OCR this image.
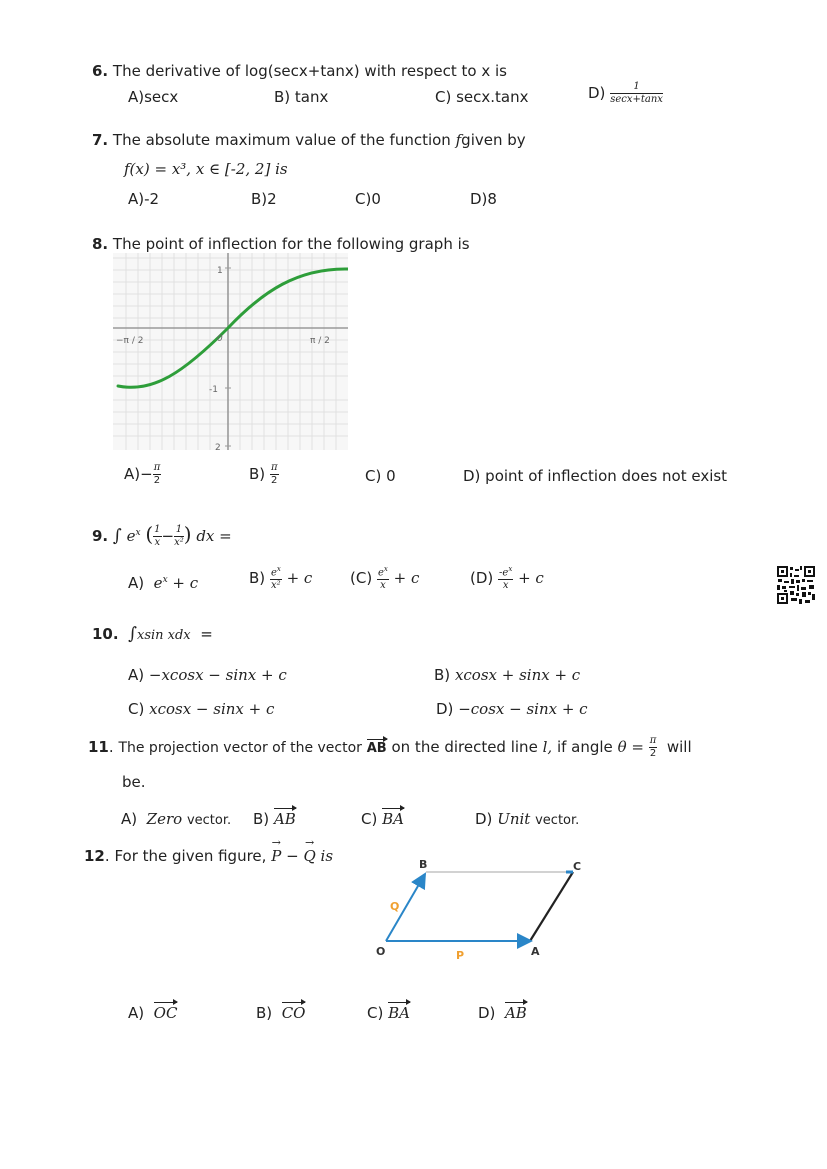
6. The derivative of log(secx+tanx) with respect to x is
A)secx	B) tanx	C) secx.tanx	$D) \frac{1}{\sec x+\tan x}$
7. The absolute maximum value of the function fgiven by
f(x) = x³, x ∈ [-2, 2] is
A)-2	B)2	C)0	D)8
8. The point of inflection for the following graph is
1
-1
2
−π / 2	π / 2
0
$A)- \frac{\pi}{2}$	$B) \frac{\pi}{2}$	C) 0	D) point of inflection does not exist
9. ∫ $e^x$ ( $\frac{1}{x} - \frac{1}{\text{x²}}$ ) dx =
A) $e^x + c$	$B) \frac{e^x}{\text{x²}} + c$	$(C) \frac{e^x}{x} + c$	$(D) \frac{-e^x}{x} + c$
10. ∫xsin xdx =
A) −xcosx − sinx + c	B) xcosx + sinx + c
C) xcosx − sinx + c	D) −cosx − sinx + c
11. The projection vector of the vector AB on the directed line l, if angle $\theta = \frac{\pi}{2}$ will
be.
A) Zero vector. B) AB	C) BA	D) Unit vector.
12. For the given figure, → P − → Q is
O	A
B	C
P
Q
A) OC	B) CO	C) BA	D) AB
